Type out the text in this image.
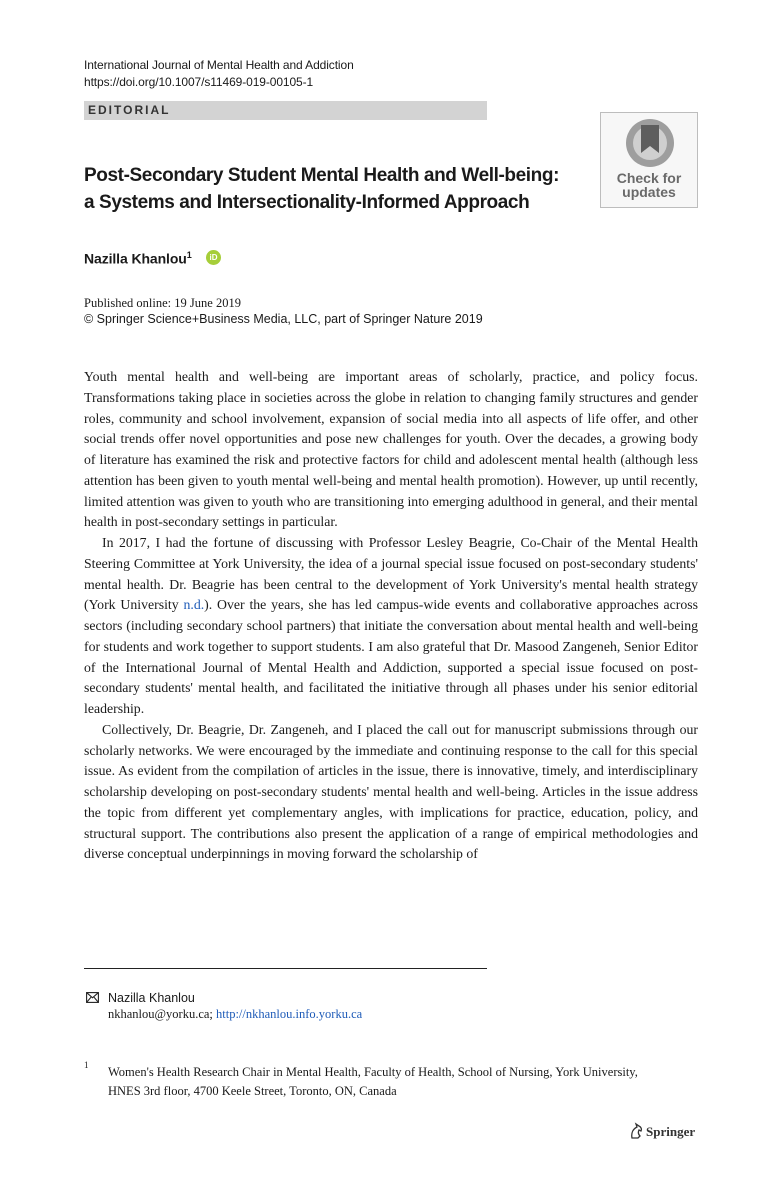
International Journal of Mental Health and Addiction
https://doi.org/10.1007/s11469-019-00105-1
EDITORIAL
Post-Secondary Student Mental Health and Well-being:
a Systems and Intersectionality-Informed Approach
Check for
updates
Nazilla Khanlou$^1$	iD
Published online: 19 June 2019
© Springer Science+Business Media, LLC, part of Springer Nature 2019

Youth mental health and well-being are important areas of scholarly, practice, and policy focus. Transformations taking place in societies across the globe in relation to changing family structures and gender roles, community and school involvement, expansion of social media into all aspects of life offer, and other social trends offer novel opportunities and pose new challenges for youth. Over the decades, a growing body of literature has examined the risk and protective factors for child and adolescent mental health (although less attention has been given to youth mental well-being and mental health promotion). However, up until recently, limited attention was given to youth who are transitioning into emerging adulthood in general, and their mental health in post-secondary settings in particular.

In 2017, I had the fortune of discussing with Professor Lesley Beagrie, Co-Chair of the Mental Health Steering Committee at York University, the idea of a journal special issue focused on post-secondary students' mental health. Dr. Beagrie has been central to the development of York University's mental health strategy (York University n.d.). Over the years, she has led campus-wide events and collaborative approaches across sectors (including secondary school partners) that initiate the conversation about mental health and well-being for students and work together to support students. I am also grateful that Dr. Masood Zangeneh, Senior Editor of the International Journal of Mental Health and Addiction, supported a special issue focused on post-secondary students' mental health, and facilitated the initiative through all phases under his senior editorial leadership.

Collectively, Dr. Beagrie, Dr. Zangeneh, and I placed the call out for manuscript submissions through our scholarly networks. We were encouraged by the immediate and continuing response to the call for this special issue. As evident from the compilation of articles in the issue, there is innovative, timely, and interdisciplinary scholarship developing on post-secondary students' mental health and well-being. Articles in the issue address the topic from different yet complementary angles, with implications for practice, education, policy, and structural support. The contributions also present the application of a range of empirical methodologies and diverse conceptual underpinnings in moving forward the scholarship of

Nazilla Khanlou
nkhanlou@yorku.ca; http://nkhanlou.info.yorku.ca
1 Women's Health Research Chair in Mental Health, Faculty of Health, School of Nursing, York University, HNES 3rd floor, 4700 Keele Street, Toronto, ON, Canada
Springer
